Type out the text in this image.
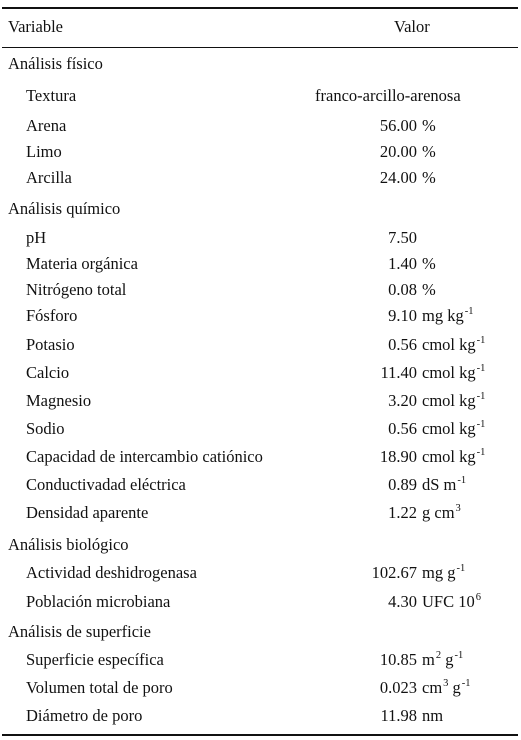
Variable	Valor
Análisis físico
Textura	franco-arcillo-arenosa
Arena	56.00 %
Limo	20.00 %
Arcilla	24.00 %
Análisis químico
pH	7.50
Materia orgánica	1.40 %
Nitrógeno total	0.08 %
Fósforo	9.10 mg $kg^{-1}$
Potasio	0.56 cmol $kg^{-1}$
Calcio	11.40 cmol $kg^{-1}$
Magnesio	3.20 cmol $kg^{-1}$
Sodio	0.56 cmol $kg^{-1}$
Capacidad de intercambio catiónico	18.90 cmol $kg^{-1}$
Conductivadad eléctrica	0.89 dS $m^{-1}$
Densidad aparente	1.22 g $cm^3$
Análisis biológico
Actividad deshidrogenasa	102.67 mg $g^{-1}$
Población microbiana	4.30 UFC $10^6$
Análisis de superficie
Superficie específica	10.85 $m^2$ $g^{-1}$
Volumen total de poro	0.023 $cm^3$ $g^{-1}$
Diámetro de poro	11.98 nm
